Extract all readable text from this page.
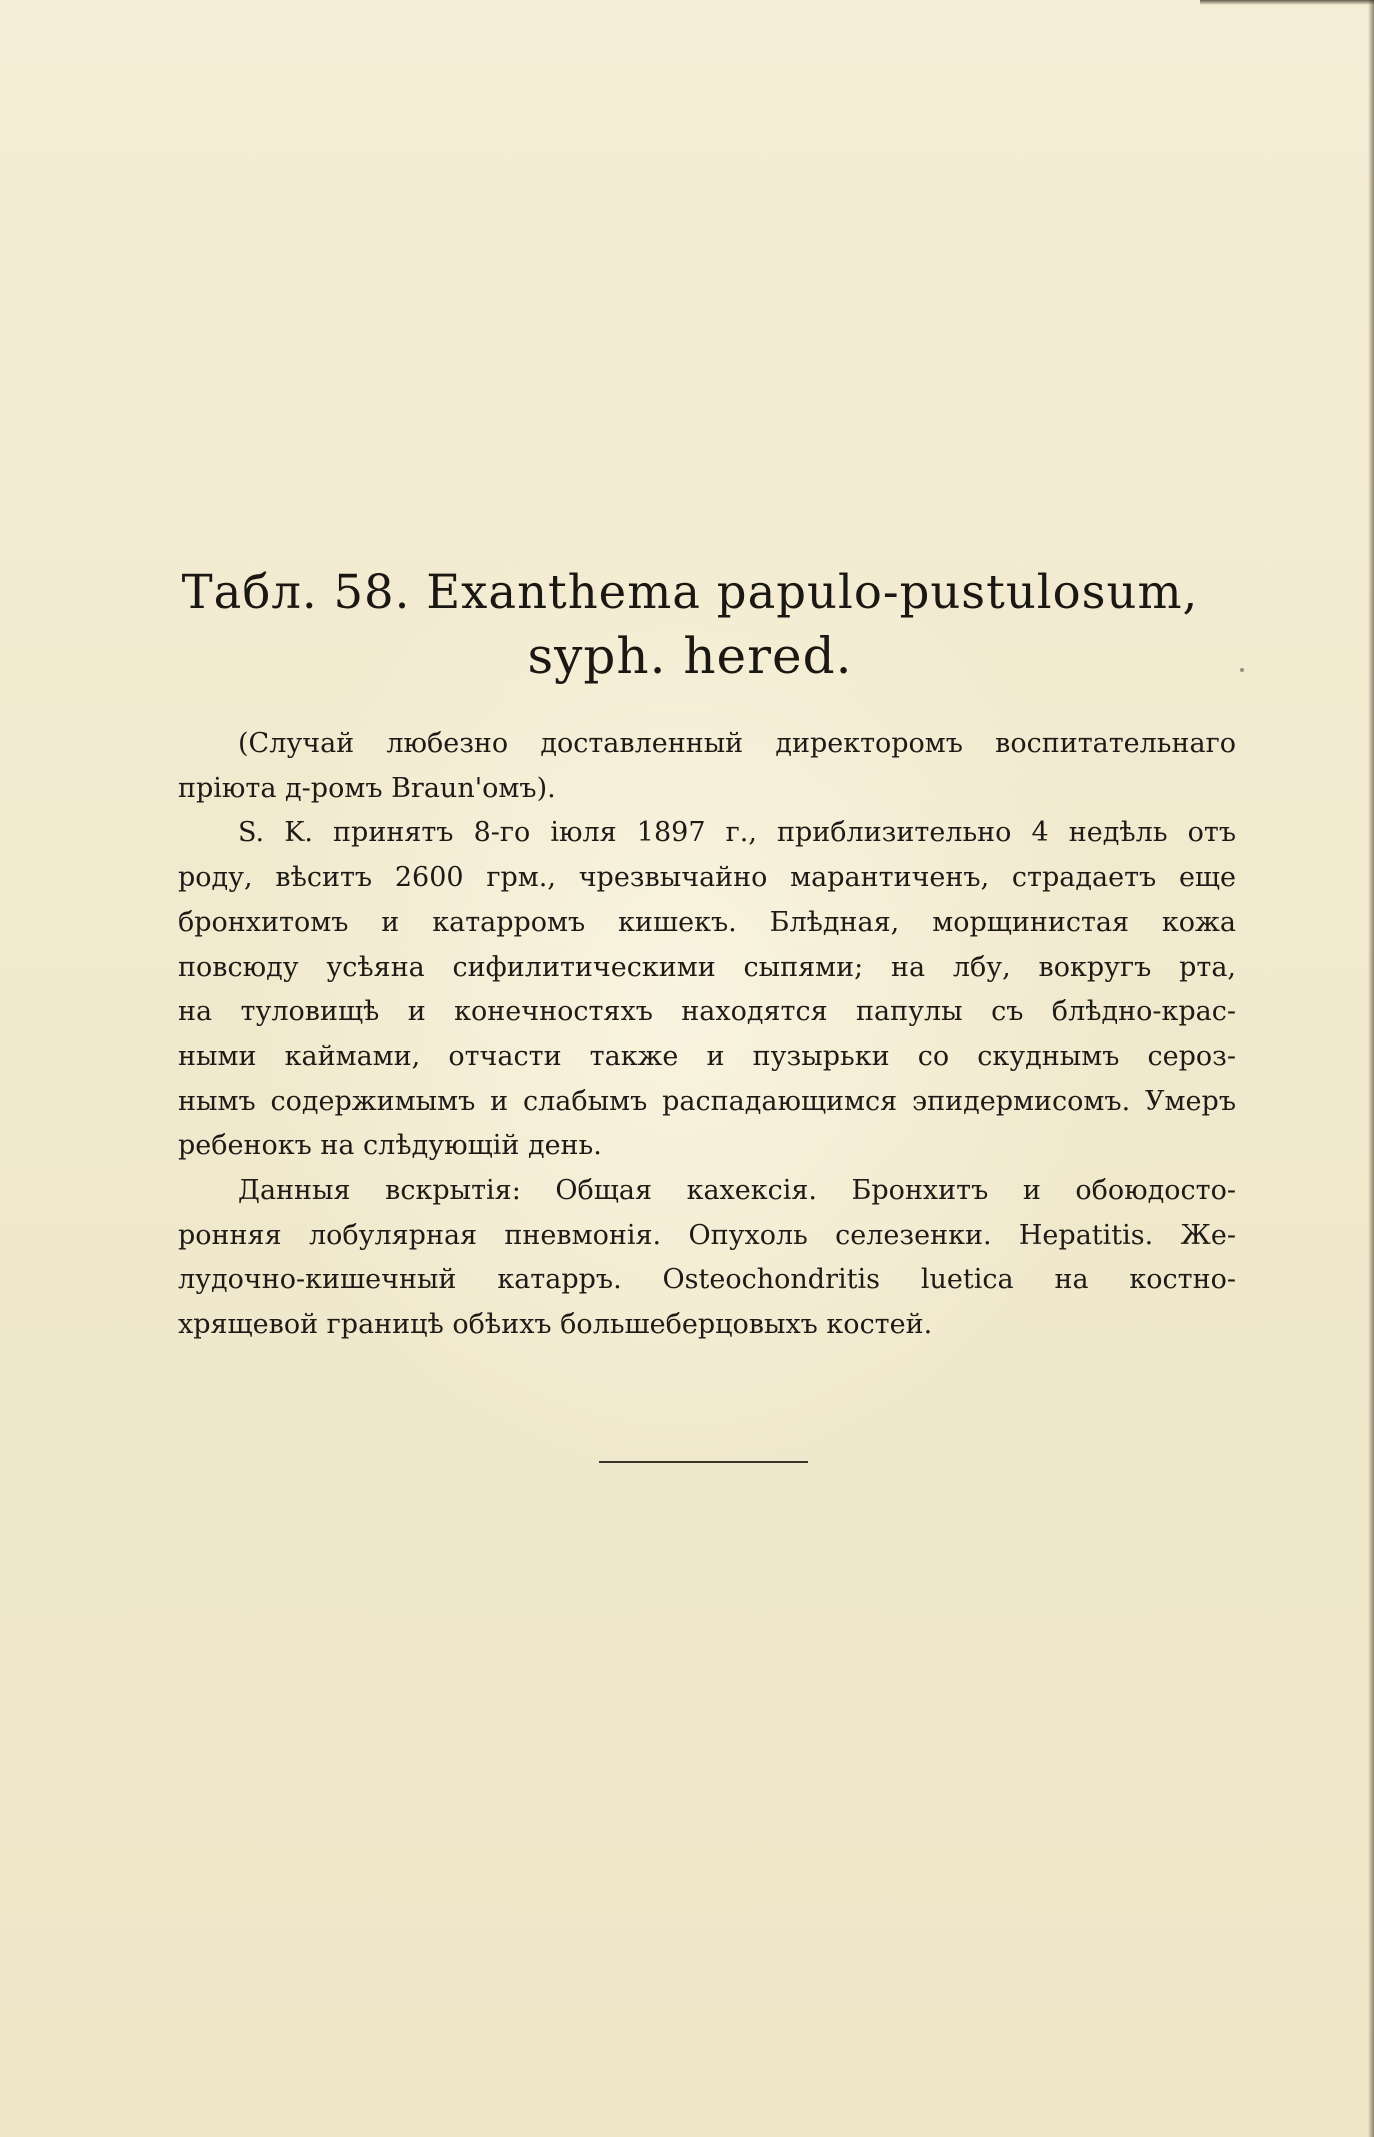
Табл. 58. Exanthema papulo-pustulosum,
syph. hered.

(Случай любезно доставленный директоромъ воспитательнаго
прiюта д-ромъ Braun'омъ).

S. K. принятъ 8-го iюля 1897 г., приблизительно 4 недѣль отъ
роду, вѣситъ 2600 грм., чрезвычайно марантиченъ, страдаетъ еще
бронхитомъ и катарромъ кишекъ. Блѣдная, морщинистая кожа
повсюду усѣяна сифилитическими сыпями; на лбу, вокругъ рта,
на туловищѣ и конечностяхъ находятся папулы съ блѣдно-крас-
ными каймами, отчасти также и пузырьки со скуднымъ сероз-
нымъ содержимымъ и слабымъ распадающимся эпидермисомъ. Умеръ
ребенокъ на слѣдующiй день.

Данныя вскрытiя: Общая кахексiя. Бронхитъ и обоюдосто-
ронняя лобулярная пневмонiя. Опухоль селезенки. Hepatitis. Же-
лудочно-кишечный катарръ. Osteochondritis luetica на костно-
хрящевой границѣ обѣихъ большеберцовыхъ костей.
